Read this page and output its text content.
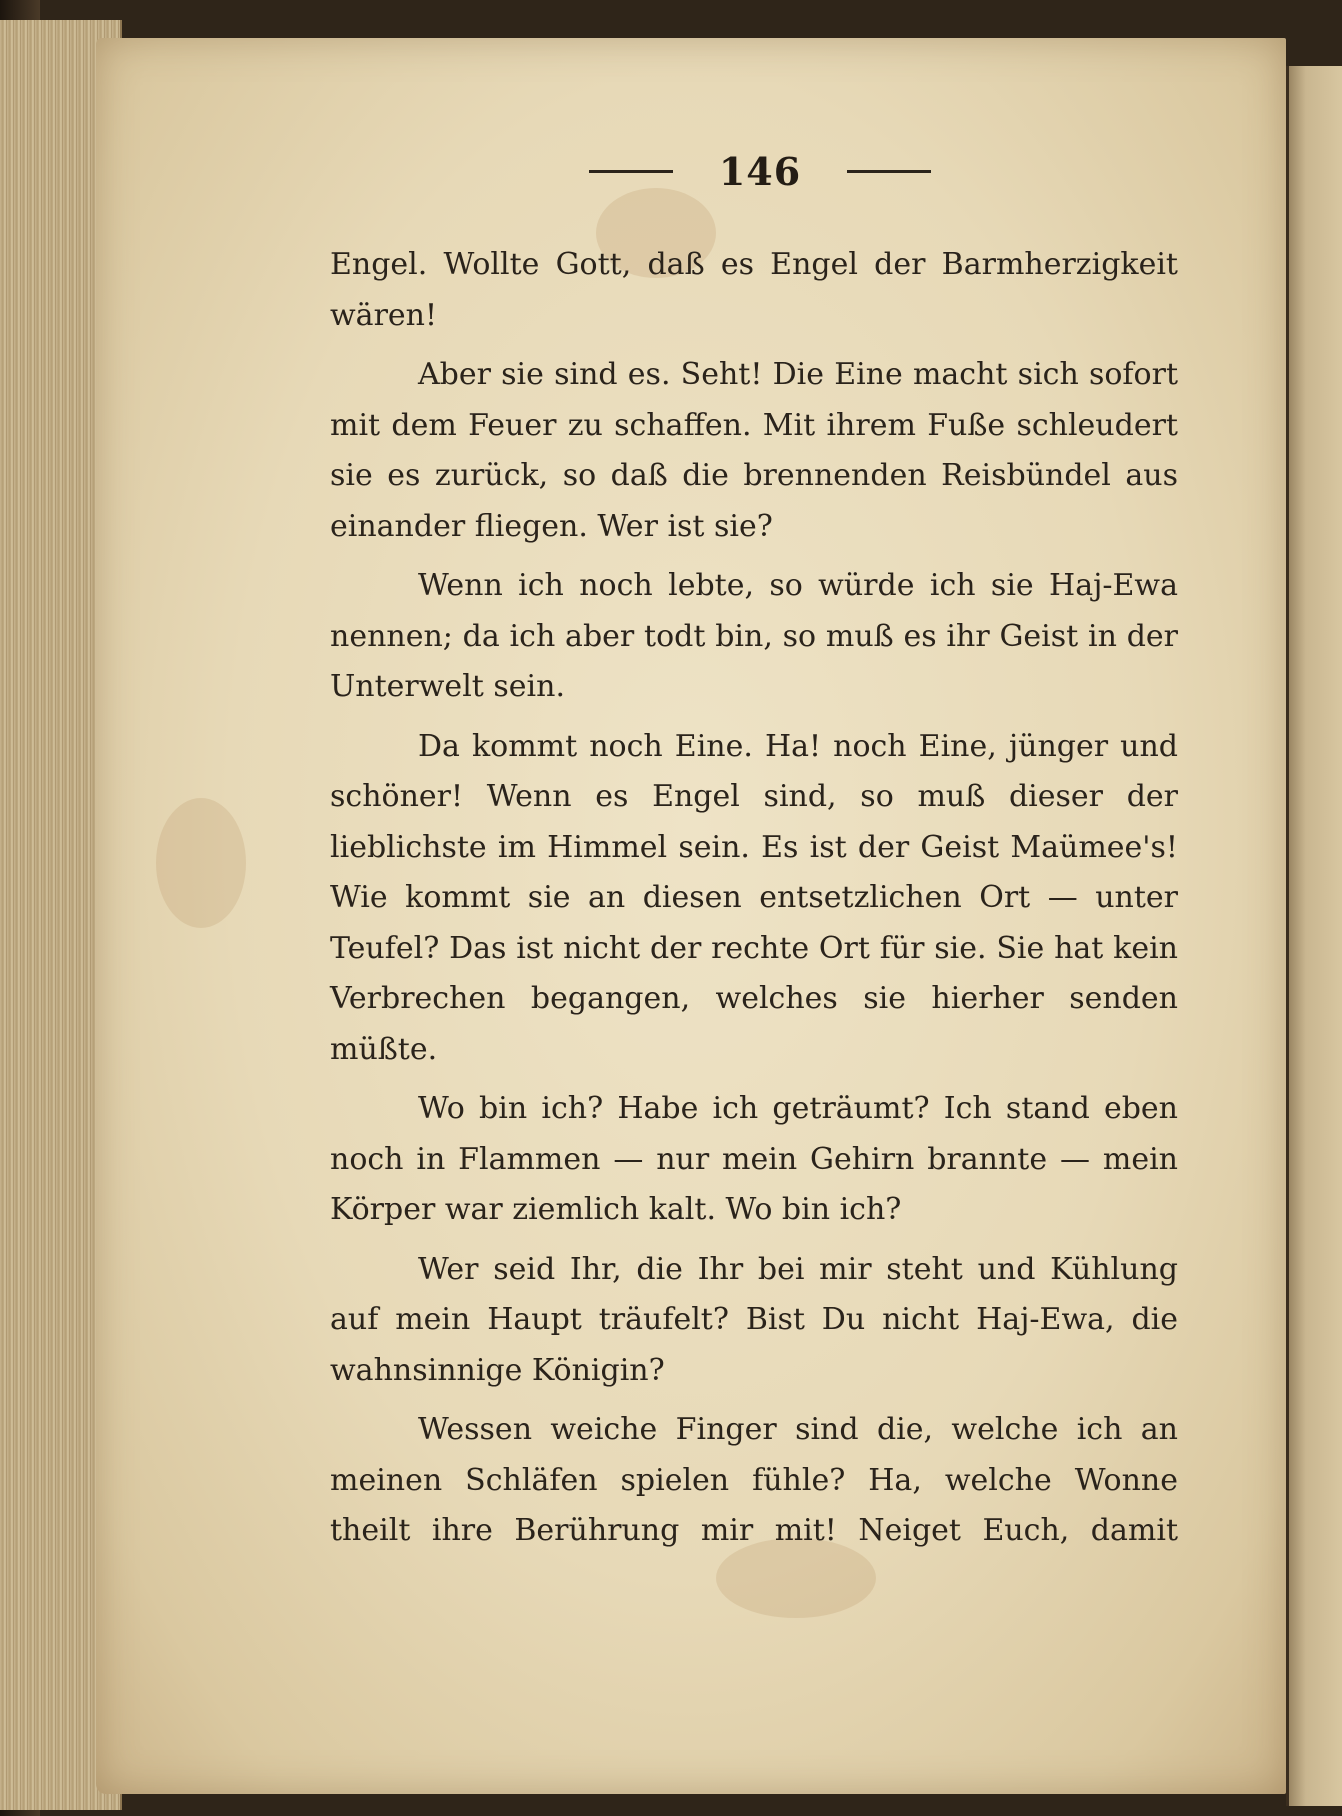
146

Engel. Wollte Gott, daß es Engel der Barmherzigkeit wären!

Aber sie sind es. Seht! Die Eine macht sich sofort mit dem Feuer zu schaffen. Mit ihrem Fuße schleudert sie es zurück, so daß die brennenden Reisbündel aus einander fliegen. Wer ist sie?

Wenn ich noch lebte, so würde ich sie Haj-Ewa nennen; da ich aber todt bin, so muß es ihr Geist in der Unterwelt sein.

Da kommt noch Eine. Ha! noch Eine, jünger und schöner! Wenn es Engel sind, so muß dieser der lieblichste im Himmel sein. Es ist der Geist Maümee's! Wie kommt sie an diesen entsetzlichen Ort — unter Teufel? Das ist nicht der rechte Ort für sie. Sie hat kein Verbrechen begangen, welches sie hierher senden müßte.

Wo bin ich? Habe ich geträumt? Ich stand eben noch in Flammen — nur mein Gehirn brannte — mein Körper war ziemlich kalt. Wo bin ich?

Wer seid Ihr, die Ihr bei mir steht und Kühlung auf mein Haupt träufelt? Bist Du nicht Haj-Ewa, die wahnsinnige Königin?

Wessen weiche Finger sind die, welche ich an meinen Schläfen spielen fühle? Ha, welche Wonne theilt ihre Berührung mir mit! Neiget Euch, damit
